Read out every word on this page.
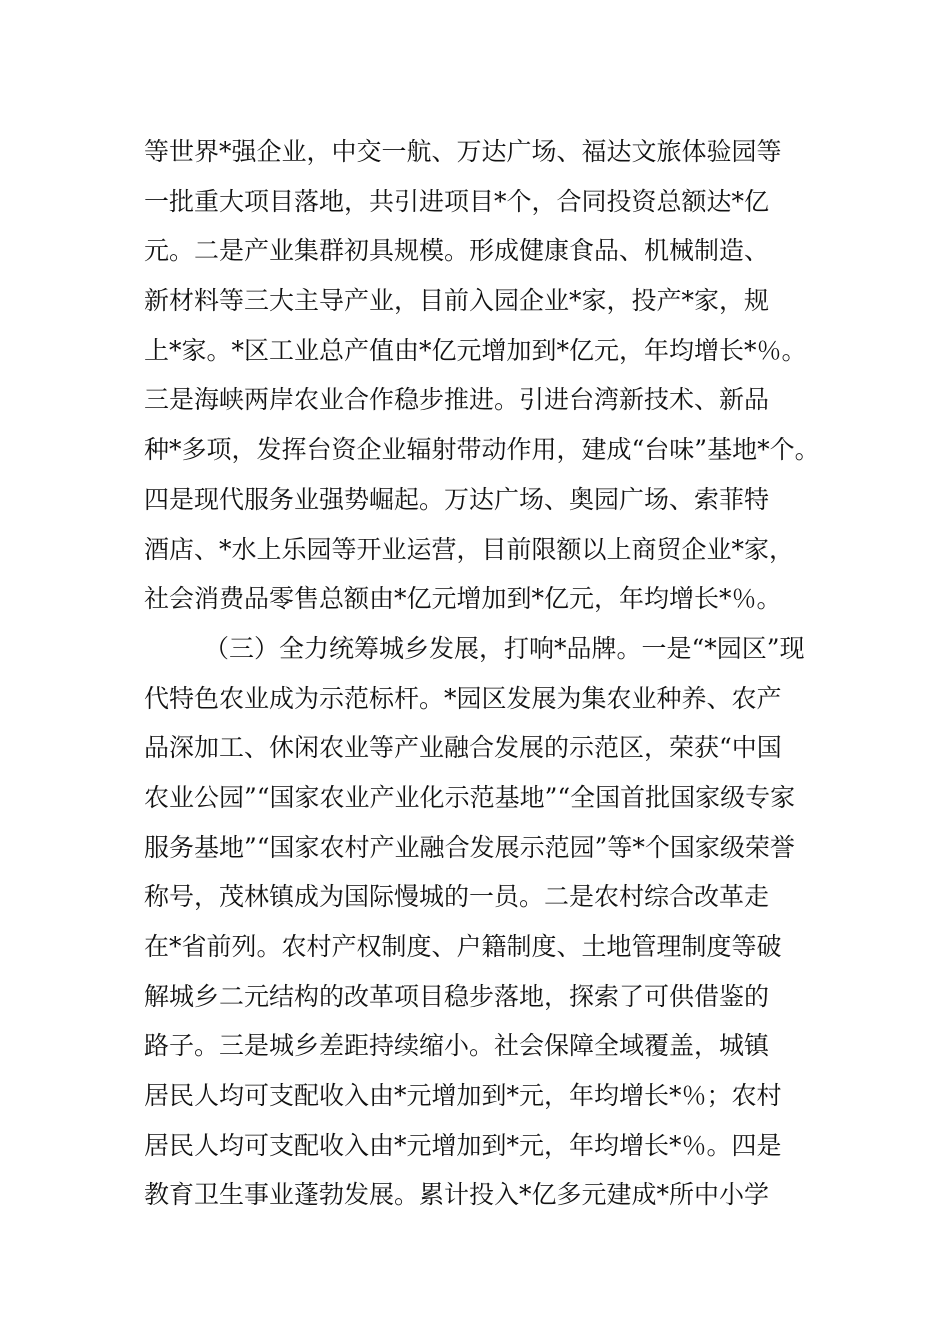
等世界*强企业，中交一航、万达广场、福达文旅体验园等
一批重大项目落地，共引进项目*个，合同投资总额达*亿
元。二是产业集群初具规模。形成健康食品、机械制造、
新材料等三大主导产业，目前入园企业*家，投产*家，规
上*家。*区工业总产值由*亿元增加到*亿元，年均增长*％。
三是海峡两岸农业合作稳步推进。引进台湾新技术、新品
种*多项，发挥台资企业辐射带动作用，建成“台味”基地*个。
四是现代服务业强势崛起。万达广场、奥园广场、索菲特
酒店、*水上乐园等开业运营，目前限额以上商贸企业*家，
社会消费品零售总额由*亿元增加到*亿元，年均增长*％。
（三）全力统筹城乡发展，打响*品牌。一是“*园区”现
代特色农业成为示范标杆。*园区发展为集农业种养、农产
品深加工、休闲农业等产业融合发展的示范区，荣获“中国
农业公园”“国家农业产业化示范基地”“全国首批国家级专家
服务基地”“国家农村产业融合发展示范园”等*个国家级荣誉
称号，茂林镇成为国际慢城的一员。二是农村综合改革走
在*省前列。农村产权制度、户籍制度、土地管理制度等破
解城乡二元结构的改革项目稳步落地，探索了可供借鉴的
路子。三是城乡差距持续缩小。社会保障全域覆盖，城镇
居民人均可支配收入由*元增加到*元，年均增长*％；农村
居民人均可支配收入由*元增加到*元，年均增长*％。四是
教育卫生事业蓬勃发展。累计投入*亿多元建成*所中小学
